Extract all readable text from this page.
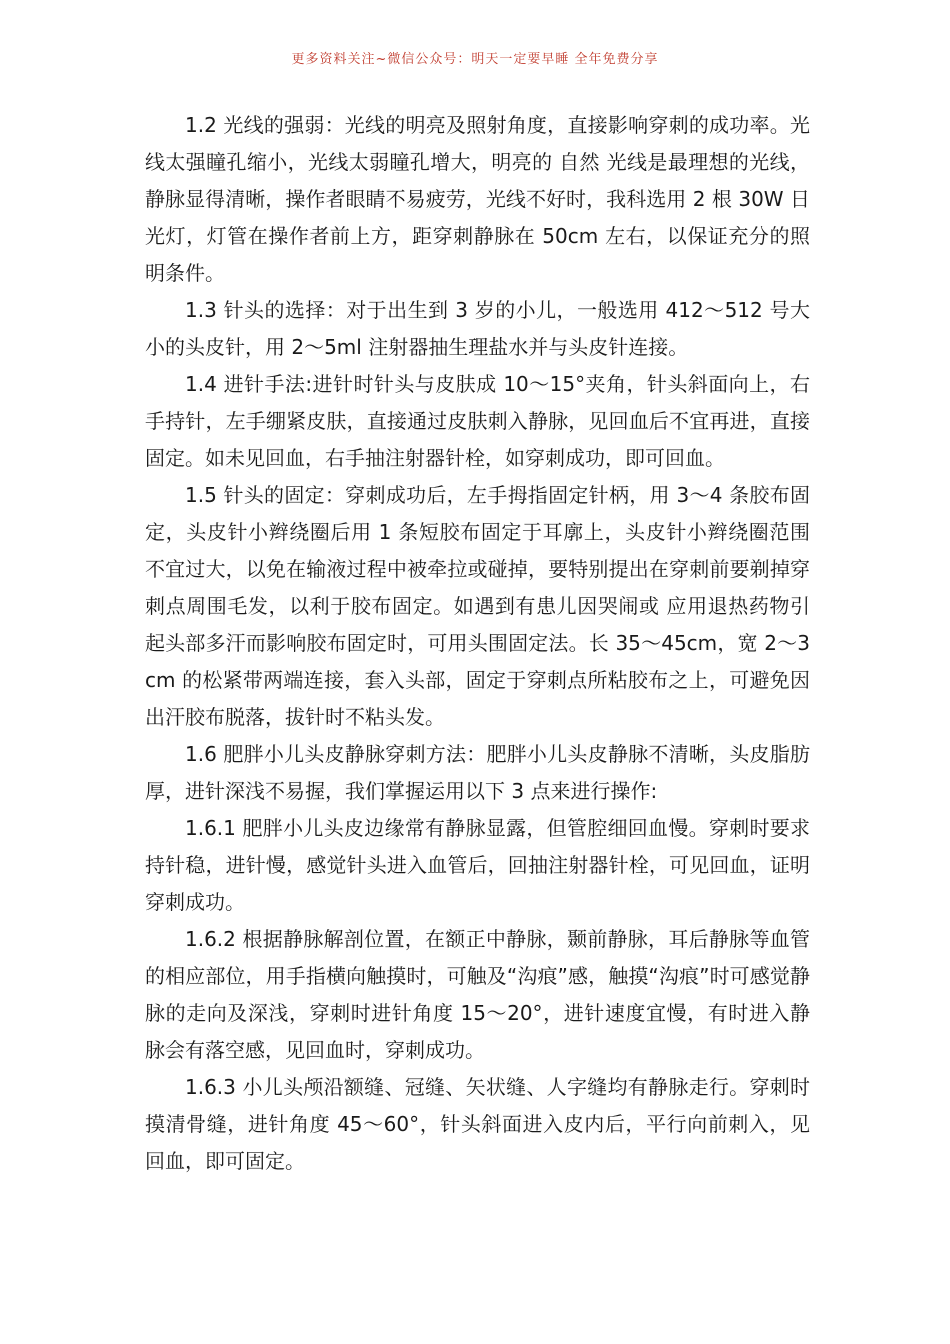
更多资料关注~微信公众号：明天一定要早睡 全年免费分享

1.2 光线的强弱：光线的明亮及照射角度，直接影响穿刺的成功率。光线太强瞳孔缩小，光线太弱瞳孔增大，明亮的 自然 光线是最理想的光线，静脉显得清晰，操作者眼睛不易疲劳，光线不好时，我科选用 2 根 30W 日光灯，灯管在操作者前上方，距穿刺静脉在 50cm 左右，以保证充分的照明条件。

1.3 针头的选择：对于出生到 3 岁的小儿，一般选用 412～512 号大小的头皮针，用 2～5ml 注射器抽生理盐水并与头皮针连接。

1.4 进针手法:进针时针头与皮肤成 10～15°夹角，针头斜面向上，右手持针，左手绷紧皮肤，直接通过皮肤刺入静脉，见回血后不宜再进，直接固定。如未见回血，右手抽注射器针栓，如穿刺成功，即可回血。

1.5 针头的固定：穿刺成功后，左手拇指固定针柄，用 3～4 条胶布固定，头皮针小辫绕圈后用 1 条短胶布固定于耳廓上，头皮针小辫绕圈范围不宜过大，以免在输液过程中被牵拉或碰掉，要特别提出在穿刺前要剃掉穿刺点周围毛发，以利于胶布固定。如遇到有患儿因哭闹或 应用退热药物引起头部多汗而影响胶布固定时，可用头围固定法。长 35～45cm，宽 2～3cm 的松紧带两端连接，套入头部，固定于穿刺点所粘胶布之上，可避免因出汗胶布脱落，拔针时不粘头发。

1.6 肥胖小儿头皮静脉穿刺方法：肥胖小儿头皮静脉不清晰，头皮脂肪厚，进针深浅不易握，我们掌握运用以下 3 点来进行操作:

1.6.1 肥胖小儿头皮边缘常有静脉显露，但管腔细回血慢。穿刺时要求持针稳，进针慢，感觉针头进入血管后，回抽注射器针栓，可见回血，证明穿刺成功。

1.6.2 根据静脉解剖位置，在额正中静脉，颞前静脉，耳后静脉等血管的相应部位，用手指横向触摸时，可触及“沟痕”感，触摸“沟痕”时可感觉静脉的走向及深浅，穿刺时进针角度 15～20°，进针速度宜慢，有时进入静脉会有落空感，见回血时，穿刺成功。

1.6.3 小儿头颅沿额缝、冠缝、矢状缝、人字缝均有静脉走行。穿刺时摸清骨缝，进针角度 45～60°，针头斜面进入皮内后，平行向前刺入，见回血，即可固定。
